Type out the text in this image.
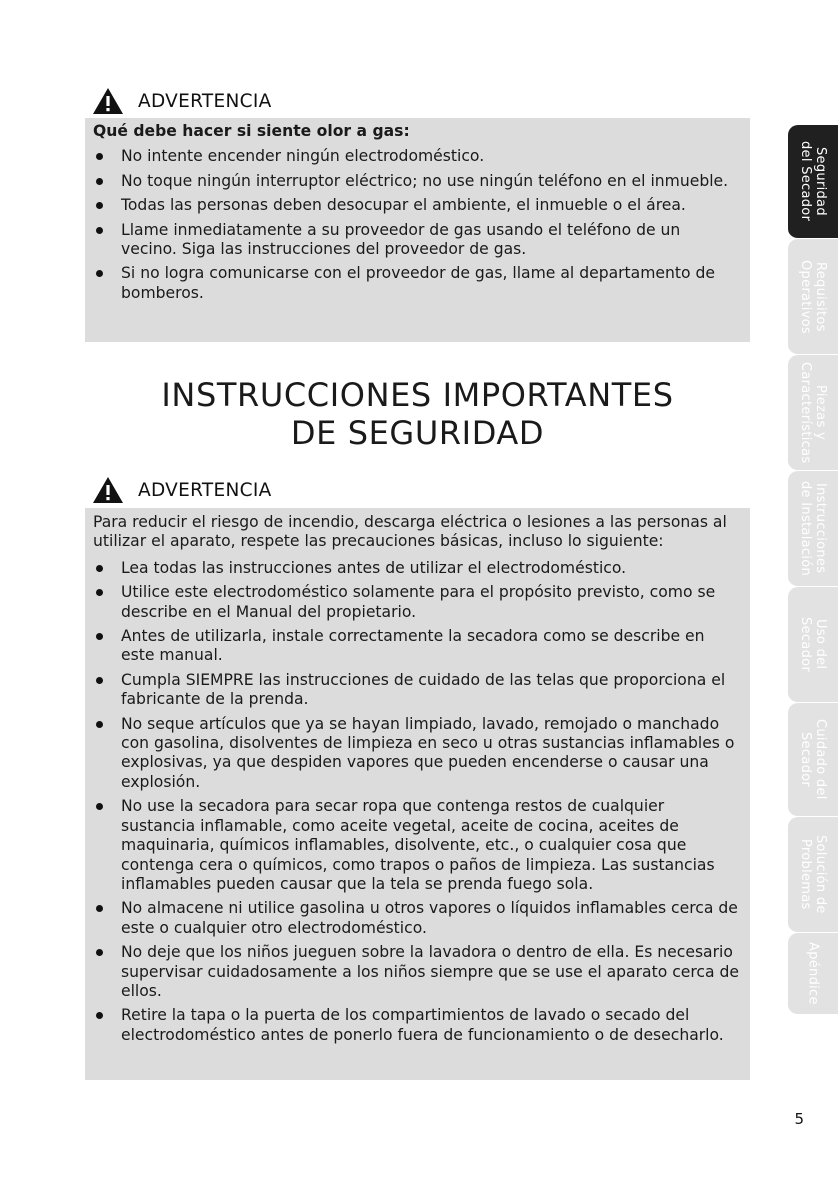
ADVERTENCIA

Qué debe hacer si siente olor a gas:

No intente encender ningún electrodoméstico.
No toque ningún interruptor eléctrico; no use ningún teléfono en el inmueble.
Todas las personas deben desocupar el ambiente, el inmueble o el área.
Llame inmediatamente a su proveedor de gas usando el teléfono de un vecino. Siga las instrucciones del proveedor de gas.
Si no logra comunicarse con el proveedor de gas, llame al departamento de bomberos.
INSTRUCCIONES IMPORTANTES
DE SEGURIDAD
ADVERTENCIA

Para reducir el riesgo de incendio, descarga eléctrica o lesiones a las personas al utilizar el aparato, respete las precauciones básicas, incluso lo siguiente:

Lea todas las instrucciones antes de utilizar el electrodoméstico.
Utilice este electrodoméstico solamente para el propósito previsto, como se describe en el Manual del propietario.
Antes de utilizarla, instale correctamente la secadora como se describe en este manual.
Cumpla SIEMPRE las instrucciones de cuidado de las telas que proporciona el fabricante de la prenda.
No seque artículos que ya se hayan limpiado, lavado, remojado o manchado con gasolina, disolventes de limpieza en seco u otras sustancias inflamables o explosivas, ya que despiden vapores que pueden encenderse o causar una explosión.
No use la secadora para secar ropa que contenga restos de cualquier sustancia inflamable, como aceite vegetal, aceite de cocina, aceites de maquinaria, químicos inflamables, disolvente, etc., o cualquier cosa que contenga cera o químicos, como trapos o paños de limpieza. Las sustancias inflamables pueden causar que la tela se prenda fuego sola.
No almacene ni utilice gasolina u otros vapores o líquidos inflamables cerca de este o cualquier otro electrodoméstico.
No deje que los niños jueguen sobre la lavadora o dentro de ella. Es necesario supervisar cuidadosamente a los niños siempre que se use el aparato cerca de ellos.
Retire la tapa o la puerta de los compartimientos de lavado o secado del electrodoméstico antes de ponerlo fuera de funcionamiento o de desecharlo.
Seguridad
del Secador
Requisitos
Operativos
Piezas y
Características
Instrucciones
de Instalación
Uso del
Secador
Cuidado del
Secador
Solución de
Problemas
Apéndice
5
